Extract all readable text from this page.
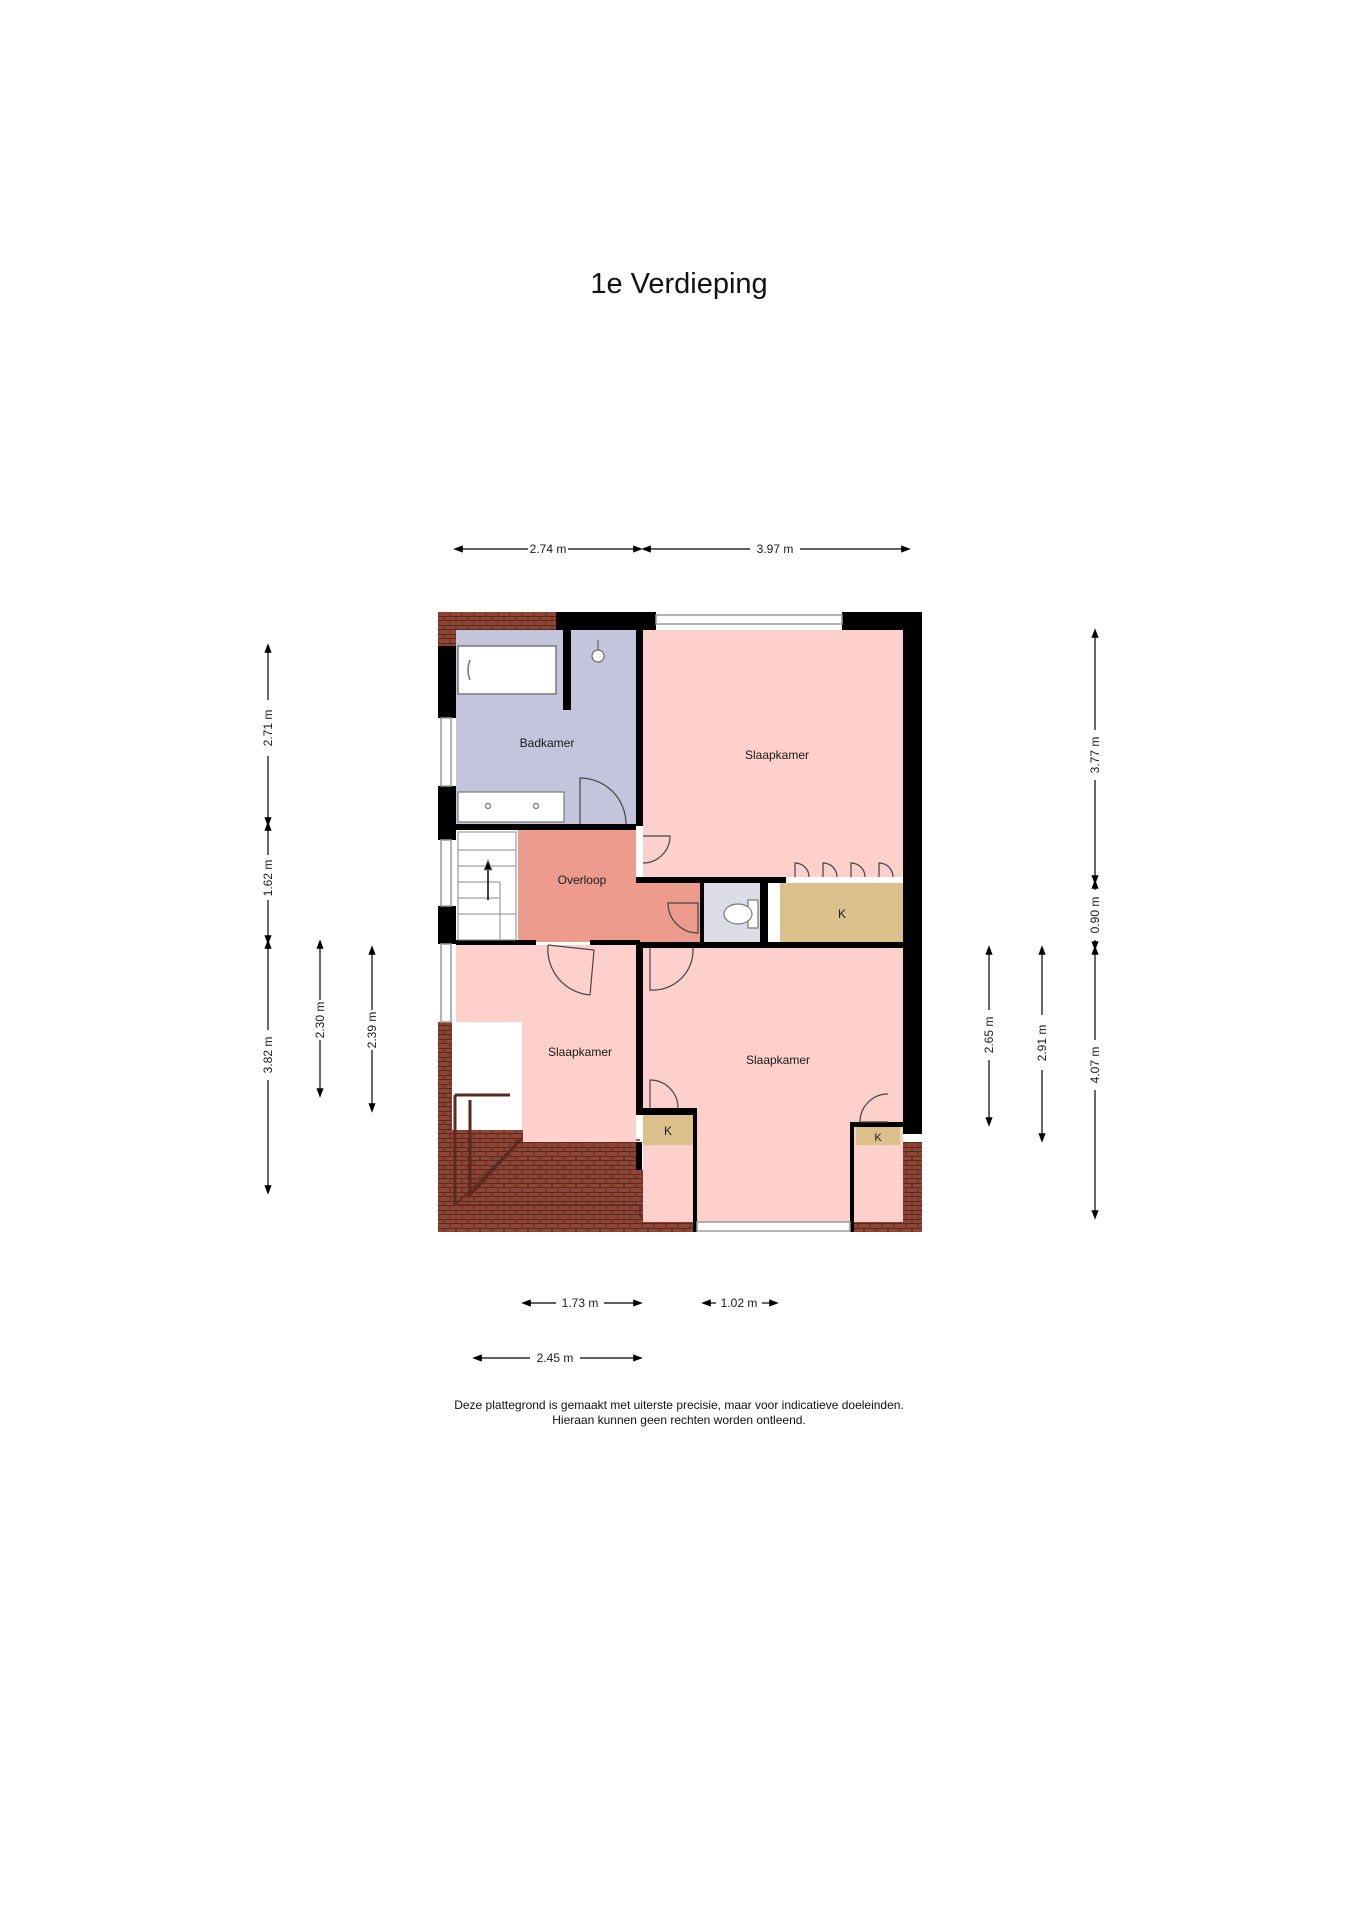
1e Verdieping
Badkamer
Slaapkamer
Overloop
K
Slaapkamer
Slaapkamer
K	K
2.74 m	3.97 m
2.71 m
1.62 m
3.82 m
2.30 m	2.39 m
3.77 m
0.90 m
4.07 m
2.65 m	2.91 m
1.73 m	1.02 m
2.45 m
Deze plattegrond is gemaakt met uiterste precisie, maar voor indicatieve doeleinden.
Hieraan kunnen geen rechten worden ontleend.
